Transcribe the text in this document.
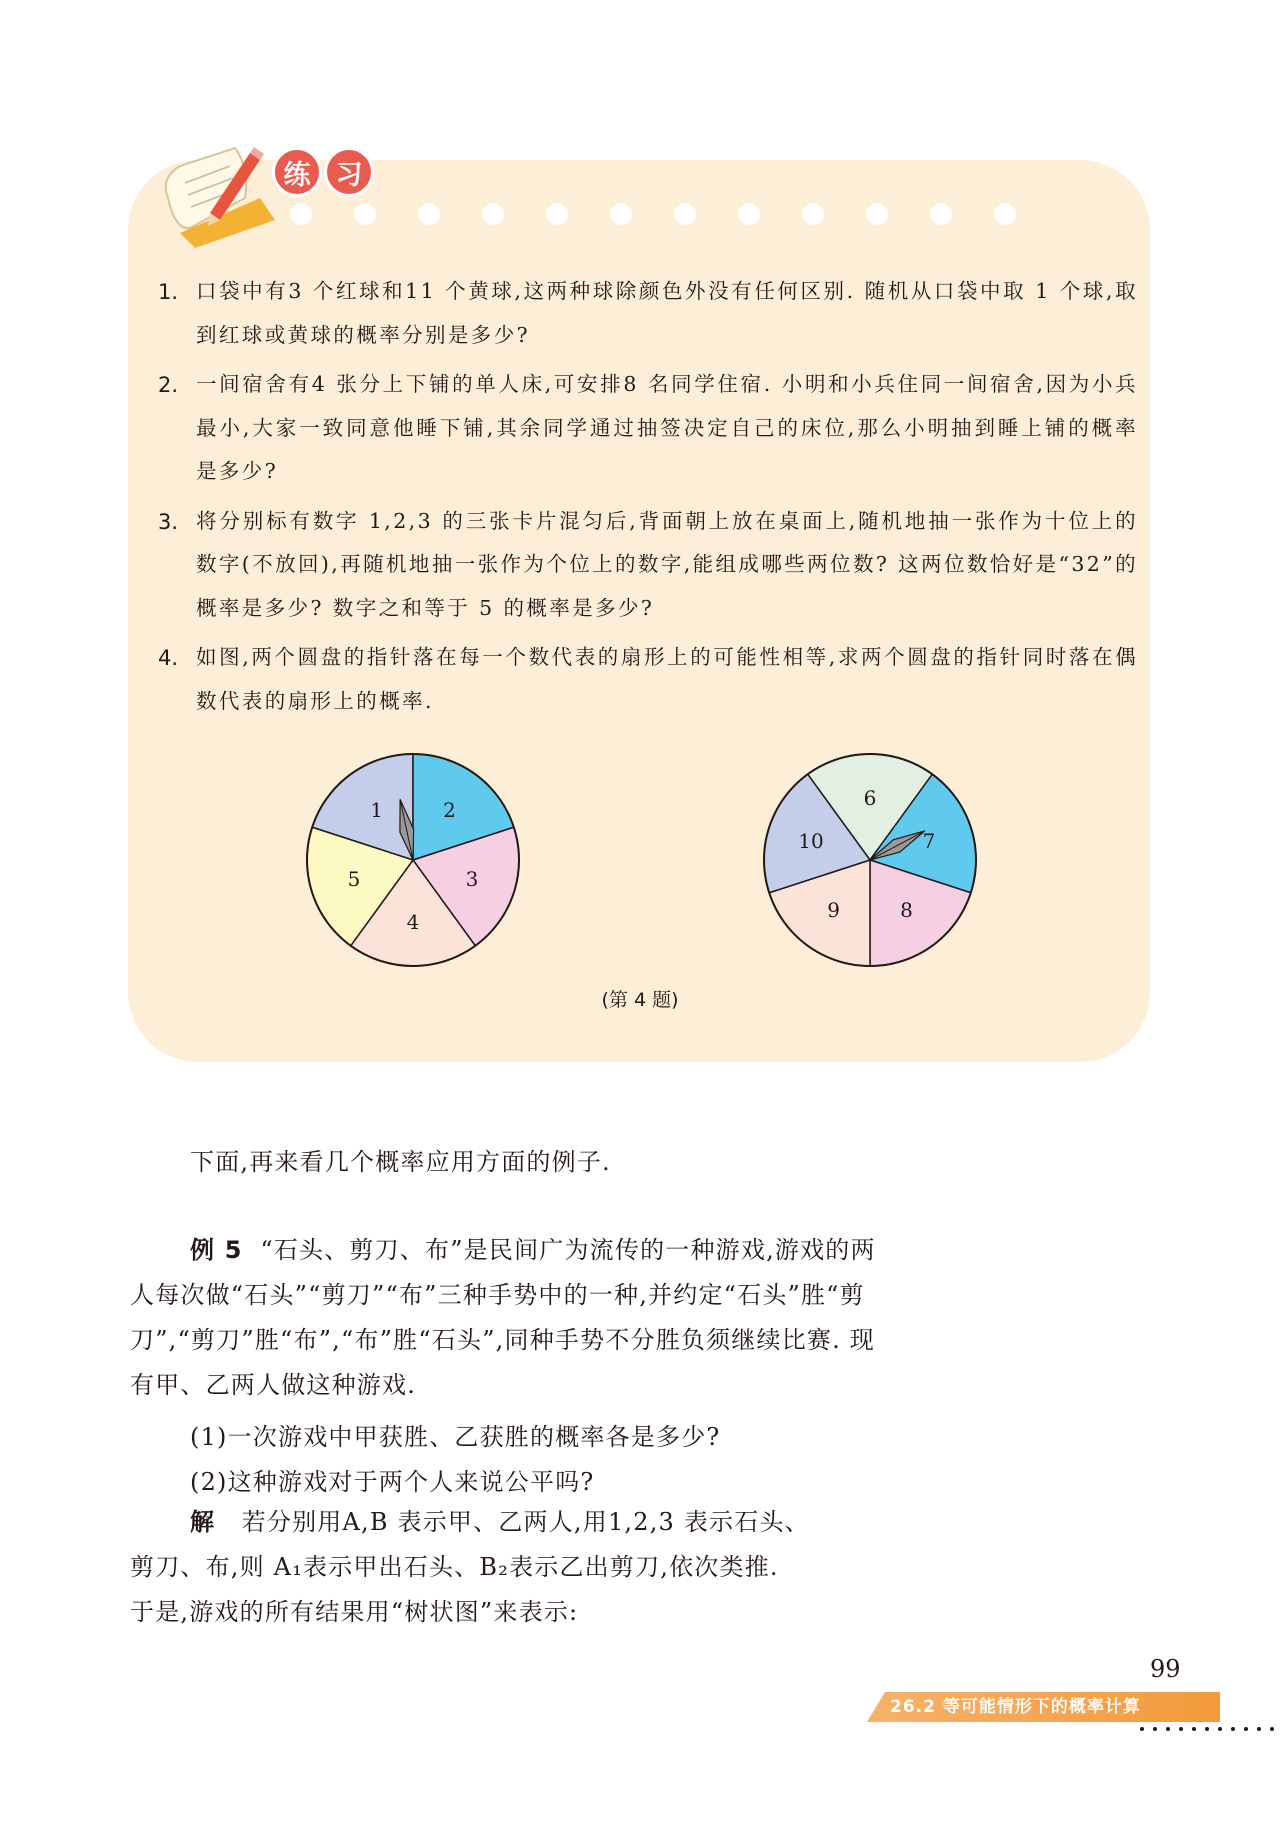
练 习
1. 口袋中有3 个红球和11 个黄球,这两种球除颜色外没有任何区别. 随机从口袋中取 1 个球,取到红球或黄球的概率分别是多少?
2. 一间宿舍有4 张分上下铺的单人床,可安排8 名同学住宿. 小明和小兵住同一间宿舍,因为小兵最小,大家一致同意他睡下铺,其余同学通过抽签决定自己的床位,那么小明抽到睡上铺的概率是多少?
3. 将分别标有数字 1,2,3 的三张卡片混匀后,背面朝上放在桌面上,随机地抽一张作为十位上的数字(不放回),再随机地抽一张作为个位上的数字,能组成哪些两位数? 这两位数恰好是“32”的概率是多少? 数字之和等于 5 的概率是多少?
4. 如图,两个圆盘的指针落在每一个数代表的扇形上的可能性相等,求两个圆盘的指针同时落在偶数代表的扇形上的概率.
1	2
3
4
5
6
7
8
9
10
(第 4 题)
下面,再来看几个概率应用方面的例子.
例 5 “石头、剪刀、布”是民间广为流传的一种游戏,游戏的两人每次做“石头”“剪刀”“布”三种手势中的一种,并约定“石头”胜“剪刀”,“剪刀”胜“布”,“布”胜“石头”,同种手势不分胜负须继续比赛. 现有甲、乙两人做这种游戏.
(1)一次游戏中甲获胜、乙获胜的概率各是多少?
(2)这种游戏对于两个人来说公平吗?
解 若分别用A,B 表示甲、乙两人,用1,2,3 表示石头、
剪刀、布,则 A₁表示甲出石头、B₂表示乙出剪刀,依次类推.
于是,游戏的所有结果用“树状图”来表示:
99
26.2 等可能情形下的概率计算
